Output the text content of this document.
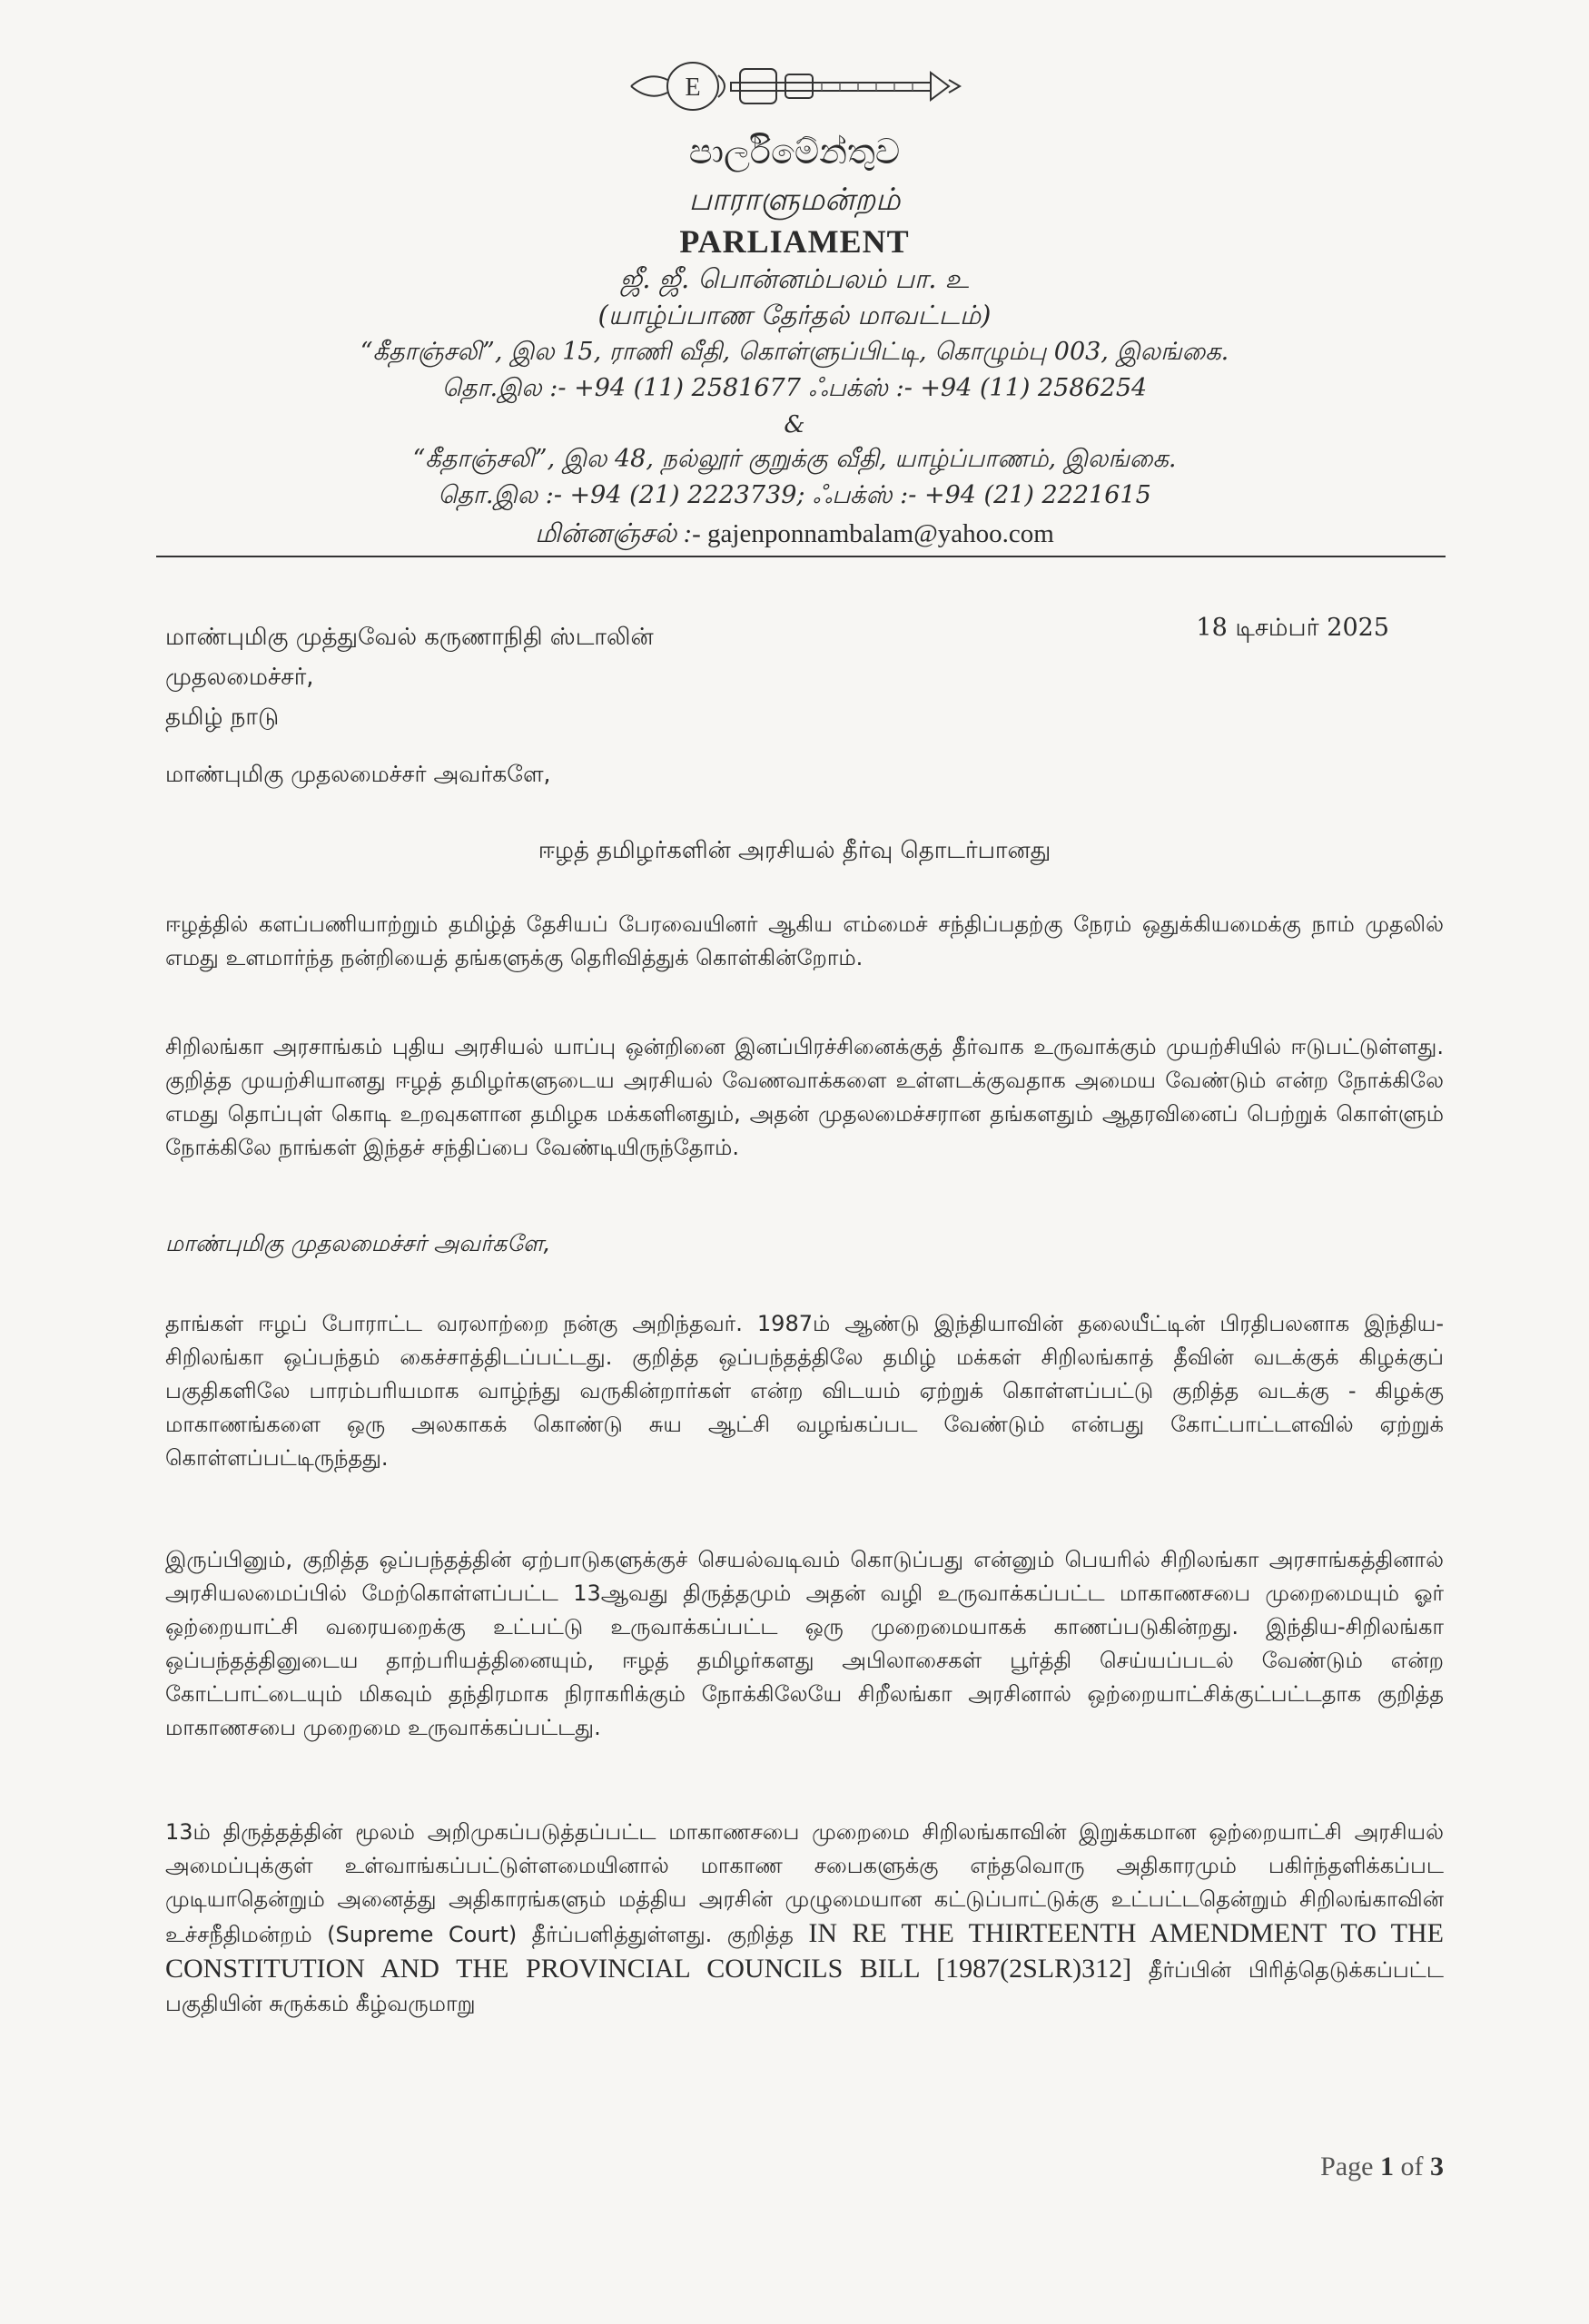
E
පාර්ලිමේන්තුව
பாராளுமன்றம்
PARLIAMENT
ஜீ. ஜீ. பொன்னம்பலம் பா. உ
(யாழ்ப்பாண தேர்தல் மாவட்டம்)
“கீதாஞ்சலி”, இல 15, ராணி வீதி, கொள்ளுப்பிட்டி, கொழும்பு 003, இலங்கை.
தொ.இல :- +94 (11) 2581677 ஃபக்ஸ் :- +94 (11) 2586254
&
“கீதாஞ்சலி”, இல 48, நல்லூர் குறுக்கு வீதி, யாழ்ப்பாணம், இலங்கை.
தொ.இல :- +94 (21) 2223739; ஃபக்ஸ் :- +94 (21) 2221615
மின்னஞ்சல் :- gajenponnambalam@yahoo.com
மாண்புமிகு முத்துவேல் கருணாநிதி ஸ்டாலின்
முதலமைச்சர்,
தமிழ் நாடு
18 டிசம்பர் 2025
மாண்புமிகு முதலமைச்சர் அவர்களே,
ஈழத் தமிழர்களின் அரசியல் தீர்வு தொடர்பானது
ஈழத்தில் களப்பணியாற்றும் தமிழ்த் தேசியப் பேரவையினர் ஆகிய எம்மைச் சந்திப்பதற்கு நேரம் ஒதுக்கியமைக்கு நாம் முதலில் எமது உளமார்ந்த நன்றியைத் தங்களுக்கு தெரிவித்துக் கொள்கின்றோம்.
சிறிலங்கா அரசாங்கம் புதிய அரசியல் யாப்பு ஒன்றினை இனப்பிரச்சினைக்குத் தீர்வாக உருவாக்கும் முயற்சியில் ஈடுபட்டுள்ளது. குறித்த முயற்சியானது ஈழத் தமிழர்களுடைய அரசியல் வேணவாக்களை உள்ளடக்குவதாக அமைய வேண்டும் என்ற நோக்கிலே எமது தொப்புள் கொடி உறவுகளான தமிழக மக்களினதும், அதன் முதலமைச்சரான தங்களதும் ஆதரவினைப் பெற்றுக் கொள்ளும் நோக்கிலே நாங்கள் இந்தச் சந்திப்பை வேண்டியிருந்தோம்.
மாண்புமிகு முதலமைச்சர் அவர்களே,
தாங்கள் ஈழப் போராட்ட வரலாற்றை நன்கு அறிந்தவர். 1987ம் ஆண்டு இந்தியாவின் தலையீட்டின் பிரதிபலனாக இந்திய-சிறிலங்கா ஒப்பந்தம் கைச்சாத்திடப்பட்டது. குறித்த ஒப்பந்தத்திலே தமிழ் மக்கள் சிறிலங்காத் தீவின் வடக்குக் கிழக்குப் பகுதிகளிலே பாரம்பரியமாக வாழ்ந்து வருகின்றார்கள் என்ற விடயம் ஏற்றுக் கொள்ளப்பட்டு குறித்த வடக்கு - கிழக்கு மாகாணங்களை ஒரு அலகாகக் கொண்டு சுய ஆட்சி வழங்கப்பட வேண்டும் என்பது கோட்பாட்டளவில் ஏற்றுக் கொள்ளப்பட்டிருந்தது.
இருப்பினும், குறித்த ஒப்பந்தத்தின் ஏற்பாடுகளுக்குச் செயல்வடிவம் கொடுப்பது என்னும் பெயரில் சிறிலங்கா அரசாங்கத்தினால் அரசியலமைப்பில் மேற்கொள்ளப்பட்ட 13ஆவது திருத்தமும் அதன் வழி உருவாக்கப்பட்ட மாகாணசபை முறைமையும் ஓர் ஒற்றையாட்சி வரையறைக்கு உட்பட்டு உருவாக்கப்பட்ட ஒரு முறைமையாகக் காணப்படுகின்றது. இந்திய-சிறிலங்கா ஒப்பந்தத்தினுடைய தாற்பரியத்தினையும், ஈழத் தமிழர்களது அபிலாசைகள் பூர்த்தி செய்யப்படல் வேண்டும் என்ற கோட்பாட்டையும் மிகவும் தந்திரமாக நிராகரிக்கும் நோக்கிலேயே சிறீலங்கா அரசினால் ஒற்றையாட்சிக்குட்பட்டதாக குறித்த மாகாணசபை முறைமை உருவாக்கப்பட்டது.
13ம் திருத்தத்தின் மூலம் அறிமுகப்படுத்தப்பட்ட மாகாணசபை முறைமை சிறிலங்காவின் இறுக்கமான ஒற்றையாட்சி அரசியல் அமைப்புக்குள் உள்வாங்கப்பட்டுள்ளமையினால் மாகாண சபைகளுக்கு எந்தவொரு அதிகாரமும் பகிர்ந்தளிக்கப்பட முடியாதென்றும் அனைத்து அதிகாரங்களும் மத்திய அரசின் முழுமையான கட்டுப்பாட்டுக்கு உட்பட்டதென்றும் சிறிலங்காவின் உச்சநீதிமன்றம் (Supreme Court) தீர்ப்பளித்துள்ளது. குறித்த IN RE THE THIRTEENTH AMENDMENT TO THE CONSTITUTION AND THE PROVINCIAL COUNCILS BILL [1987(2SLR)312] தீர்ப்பின் பிரித்தெடுக்கப்பட்ட பகுதியின் சுருக்கம் கீழ்வருமாறு
Page 1 of 3
